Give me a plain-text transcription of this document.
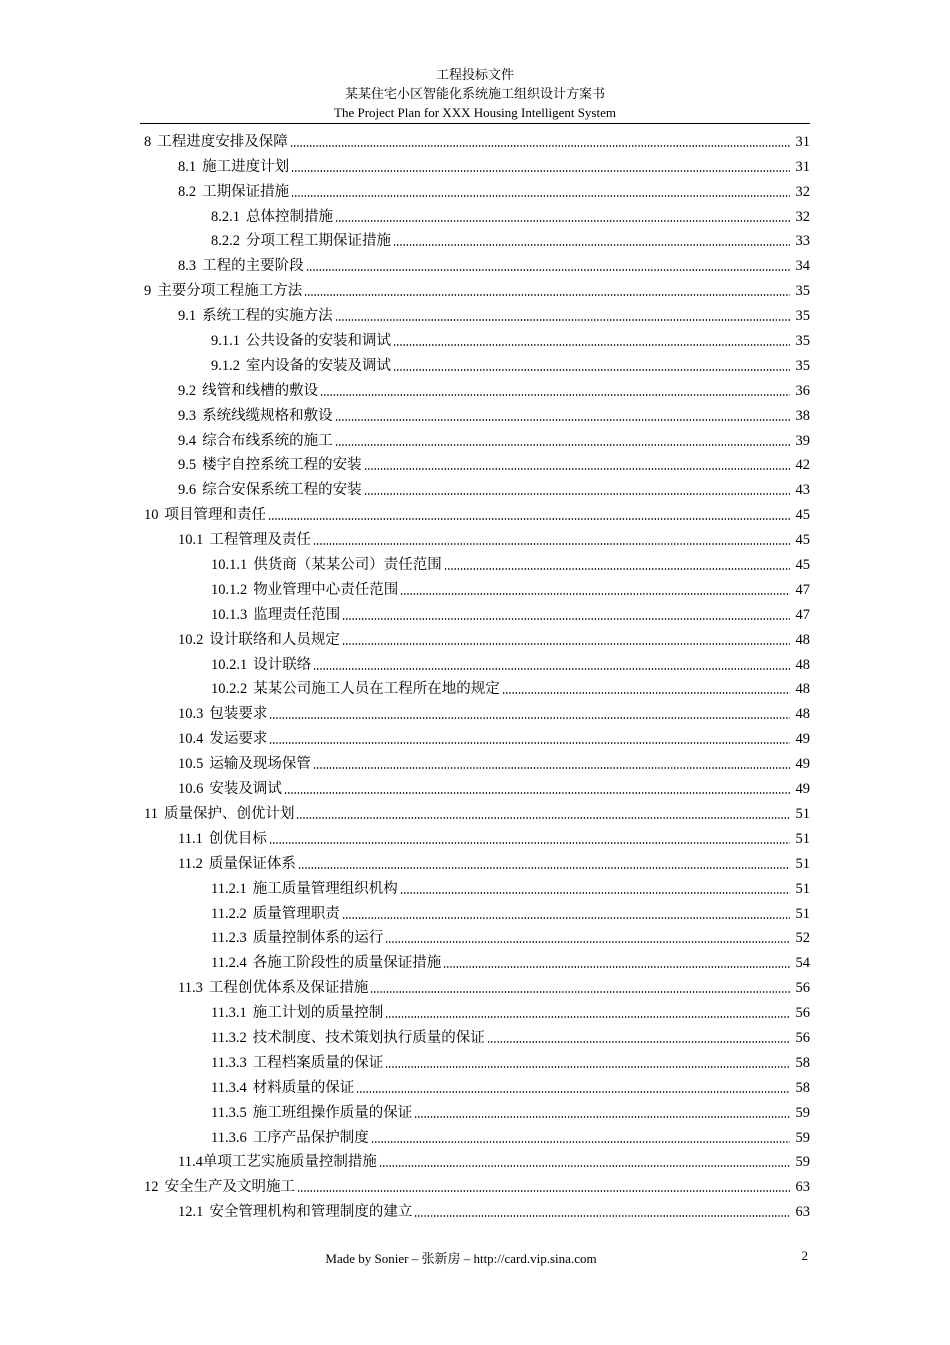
工程投标文件
某某住宅小区智能化系统施工组织设计方案书
The Project Plan for XXX Housing Intelligent System
8 工程进度安排及保障	31
8.1 施工进度计划	31
8.2 工期保证措施	32
8.2.1 总体控制措施	32
8.2.2 分项工程工期保证措施	33
8.3 工程的主要阶段	34
9 主要分项工程施工方法	35
9.1 系统工程的实施方法	35
9.1.1 公共设备的安装和调试	35
9.1.2 室内设备的安装及调试	35
9.2 线管和线槽的敷设	36
9.3 系统线缆规格和敷设	38
9.4 综合布线系统的施工	39
9.5 楼宇自控系统工程的安装	42
9.6 综合安保系统工程的安装	43
10 项目管理和责任	45
10.1 工程管理及责任	45
10.1.1 供货商（某某公司）责任范围	45
10.1.2 物业管理中心责任范围	47
10.1.3 监理责任范围	47
10.2 设计联络和人员规定	48
10.2.1 设计联络	48
10.2.2 某某公司施工人员在工程所在地的规定	48
10.3 包装要求	48
10.4 发运要求	49
10.5 运输及现场保管	49
10.6 安装及调试	49
11 质量保护、创优计划	51
11.1 创优目标	51
11.2 质量保证体系	51
11.2.1 施工质量管理组织机构	51
11.2.2 质量管理职责	51
11.2.3 质量控制体系的运行	52
11.2.4 各施工阶段性的质量保证措施	54
11.3 工程创优体系及保证措施	56
11.3.1 施工计划的质量控制	56
11.3.2 技术制度、技术策划执行质量的保证	56
11.3.3 工程档案质量的保证	58
11.3.4 材料质量的保证	58
11.3.5 施工班组操作质量的保证	59
11.3.6 工序产品保护制度	59
11.4 单项工艺实施质量控制措施	59
12 安全生产及文明施工	63
12.1 安全管理机构和管理制度的建立	63
Made by Sonier – 张新房 – http://card.vip.sina.com	2
